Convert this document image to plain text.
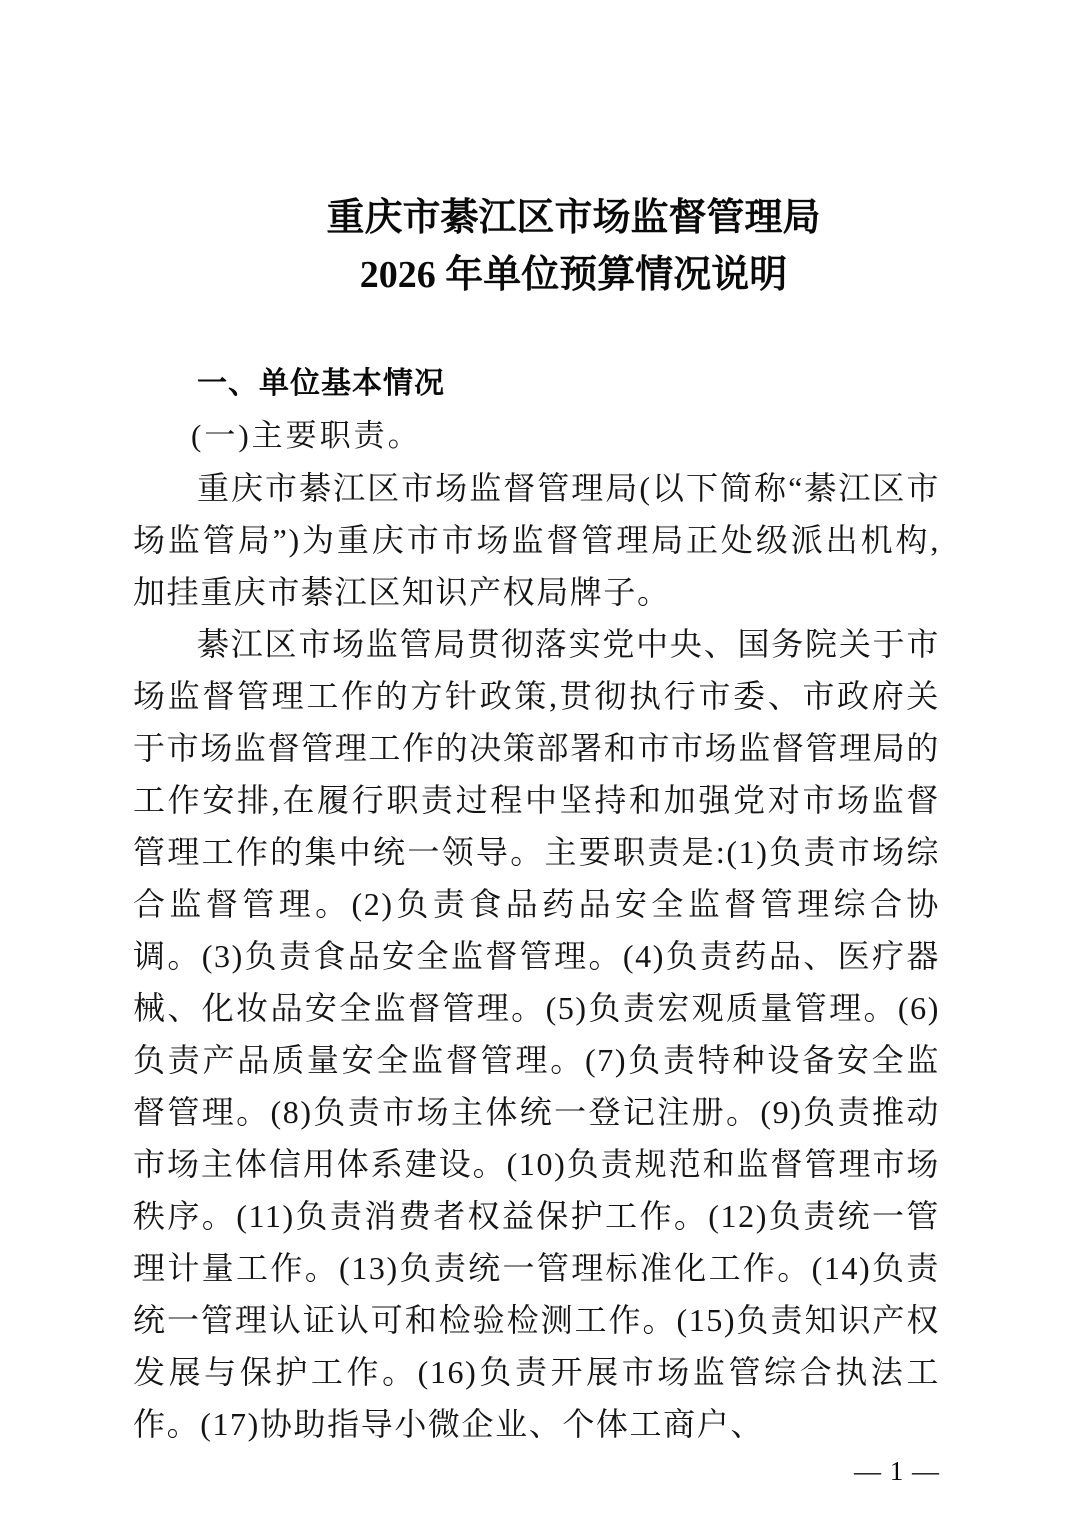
重庆市綦江区市场监督管理局
2026 年单位预算情况说明
一、单位基本情况
(一)主要职责。

重庆市綦江区市场监督管理局(以下简称“綦江区市场监管局”)为重庆市市场监督管理局正处级派出机构,加挂重庆市綦江区知识产权局牌子。

綦江区市场监管局贯彻落实党中央、国务院关于市场监督管理工作的方针政策,贯彻执行市委、市政府关于市场监督管理工作的决策部署和市市场监督管理局的工作安排,在履行职责过程中坚持和加强党对市场监督管理工作的集中统一领导。主要职责是:(1)负责市场综合监督管理。(2)负责食品药品安全监督管理综合协调。(3)负责食品安全监督管理。(4)负责药品、医疗器械、化妆品安全监督管理。(5)负责宏观质量管理。(6)负责产品质量安全监督管理。(7)负责特种设备安全监督管理。(8)负责市场主体统一登记注册。(9)负责推动市场主体信用体系建设。(10)负责规范和监督管理市场秩序。(11)负责消费者权益保护工作。(12)负责统一管理计量工作。(13)负责统一管理标准化工作。(14)负责统一管理认证认可和检验检测工作。(15)负责知识产权发展与保护工作。(16)负责开展市场监管综合执法工作。(17)协助指导小微企业、个体工商户、

— 1 —
